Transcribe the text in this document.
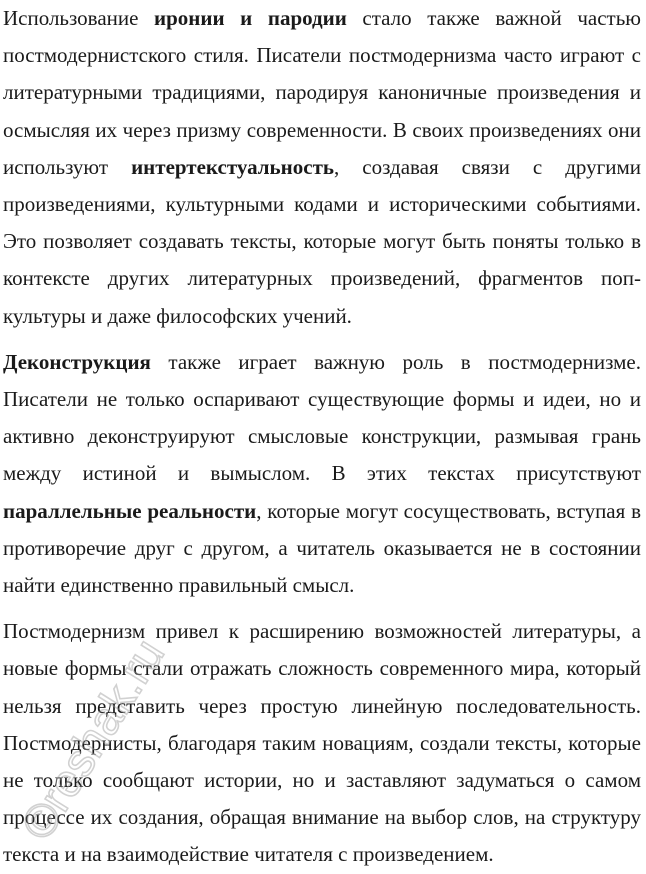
Использование иронии и пародии стало также важной частью постмодернистского стиля. Писатели постмодернизма часто играют с литературными традициями, пародируя каноничные произведения и осмысляя их через призму современности. В своих произведениях они используют интертекстуальность, создавая связи с другими произведениями, культурными кодами и историческими событиями. Это позволяет создавать тексты, которые могут быть поняты только в контексте других литературных произведений, фрагментов поп-культуры и даже философских учений.

Деконструкция также играет важную роль в постмодернизме. Писатели не только оспаривают существующие формы и идеи, но и активно деконструируют смысловые конструкции, размывая грань между истиной и вымыслом. В этих текстах присутствуют параллельные реальности, которые могут сосуществовать, вступая в противоречие друг с другом, а читатель оказывается не в состоянии найти единственно правильный смысл.

Постмодернизм привел к расширению возможностей литературы, а новые формы стали отражать сложность современного мира, который нельзя представить через простую линейную последовательность. Постмодернисты, благодаря таким новациям, создали тексты, которые не только сообщают истории, но и заставляют задуматься о самом процессе их создания, обращая внимание на выбор слов, на структуру текста и на взаимодействие читателя с произведением.

©reshak.ru
